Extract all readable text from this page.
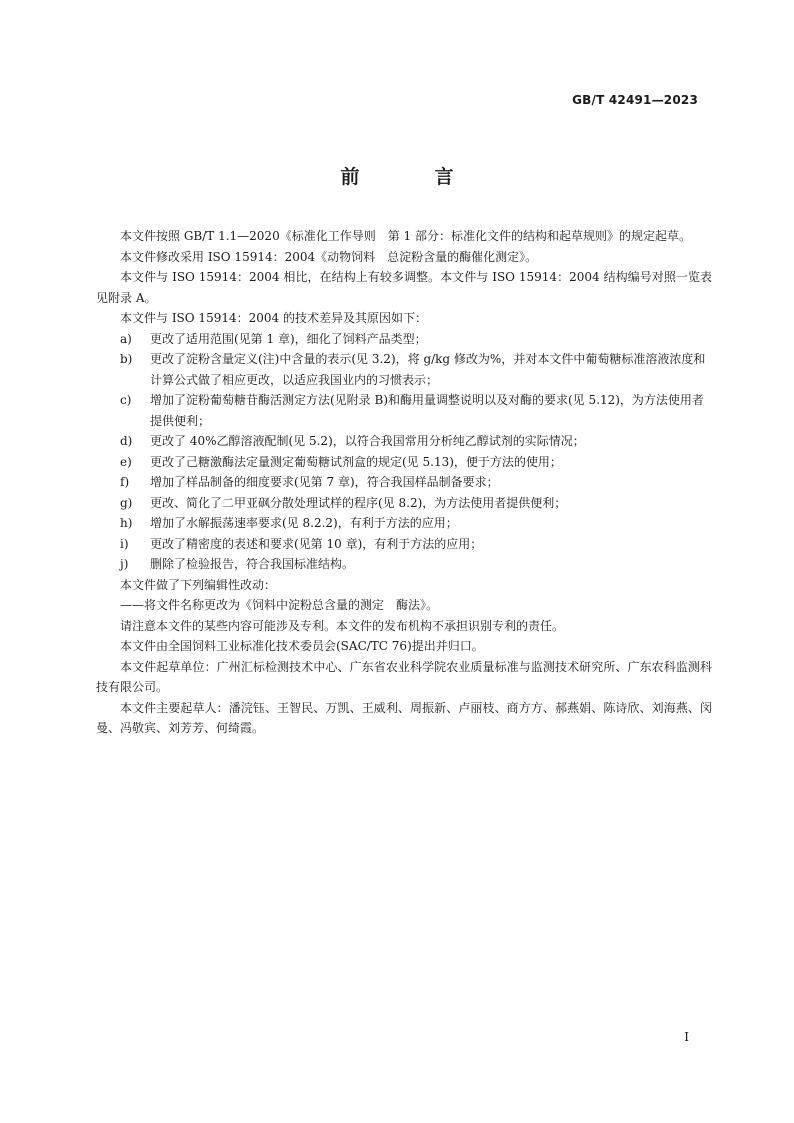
GB/T 42491—2023
前　言

本文件按照 GB/T 1.1—2020《标准化工作导则　第 1 部分：标准化文件的结构和起草规则》的规定起草。

本文件修改采用 ISO 15914：2004《动物饲料　总淀粉含量的酶催化测定》。

本文件与 ISO 15914：2004 相比，在结构上有较多调整。本文件与 ISO 15914：2004 结构编号对照一览表见附录 A。

本文件与 ISO 15914：2004 的技术差异及其原因如下：

a) 更改了适用范围(见第 1 章)，细化了饲料产品类型；
b) 更改了淀粉含量定义(注)中含量的表示(见 3.2)，将 g/kg 修改为%，并对本文件中葡萄糖标准溶液浓度和计算公式做了相应更改，以适应我国业内的习惯表示；
c) 增加了淀粉葡萄糖苷酶活测定方法(见附录 B)和酶用量调整说明以及对酶的要求(见 5.12)，为方法使用者提供便利；
d) 更改了 40%乙醇溶液配制(见 5.2)，以符合我国常用分析纯乙醇试剂的实际情况；
e) 更改了己糖激酶法定量测定葡萄糖试剂盒的规定(见 5.13)，便于方法的使用；
f) 增加了样品制备的细度要求(见第 7 章)，符合我国样品制备要求；
g) 更改、简化了二甲亚砜分散处理试样的程序(见 8.2)，为方法使用者提供便利；
h) 增加了水解振荡速率要求(见 8.2.2)，有利于方法的应用；
i) 更改了精密度的表述和要求(见第 10 章)，有利于方法的应用；
j) 删除了检验报告，符合我国标准结构。

本文件做了下列编辑性改动：

——将文件名称更改为《饲料中淀粉总含量的测定　酶法》。

请注意本文件的某些内容可能涉及专利。本文件的发布机构不承担识别专利的责任。

本文件由全国饲料工业标准化技术委员会(SAC/TC 76)提出并归口。

本文件起草单位：广州汇标检测技术中心、广东省农业科学院农业质量标准与监测技术研究所、广东农科监测科技有限公司。

本文件主要起草人：潘浣钰、王智民、万凯、王威利、周振新、卢丽枝、商方方、郝燕娟、陈诗欣、刘海燕、闵曼、冯敬宾、刘芳芳、何绮霞。

I
